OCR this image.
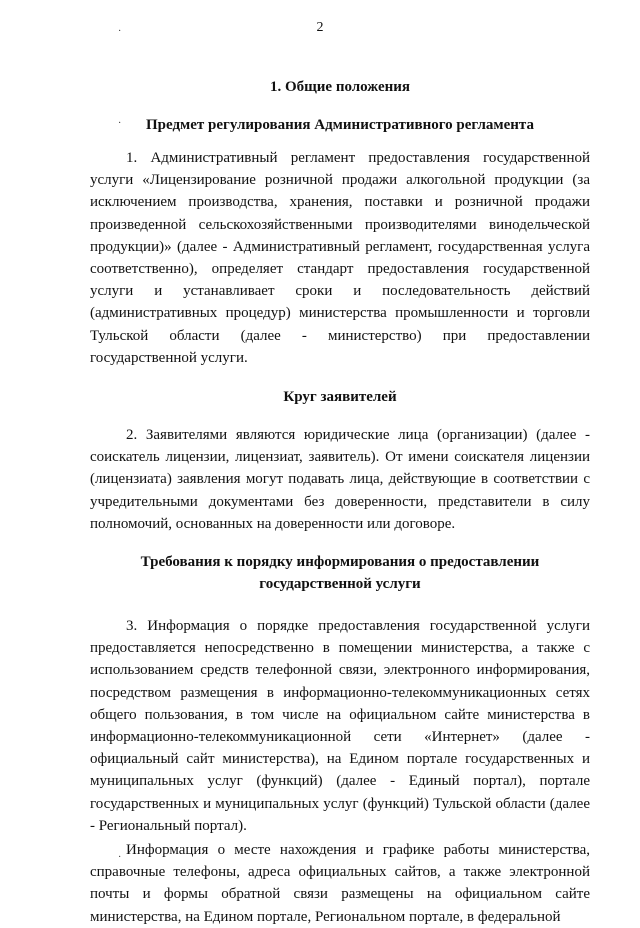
2
·
·
·
1. Общие положения
Предмет регулирования Административного регламента

1. Административный регламент предоставления государственной услуги «Лицензирование розничной продажи алкогольной продукции (за исключением производства, хранения, поставки и розничной продажи произведенной сельскохозяйственными производителями винодельческой продукции)» (далее - Административный регламент, государственная услуга соответственно), определяет стандарт предоставления государственной услуги и устанавливает сроки и последовательность действий (административных процедур) министерства промышленности и торговли Тульской области (далее - министерство) при предоставлении государственной услуги.

Круг заявителей

2. Заявителями являются юридические лица (организации) (далее - соискатель лицензии, лицензиат, заявитель). От имени соискателя лицензии (лицензиата) заявления могут подавать лица, действующие в соответствии с учредительными документами без доверенности, представители в силу полномочий, основанных на доверенности или договоре.

Требования к порядку информирования о предоставлении государственной услуги

3. Информация о порядке предоставления государственной услуги предоставляется непосредственно в помещении министерства, а также с использованием средств телефонной связи, электронного информирования, посредством размещения в информационно-телекоммуникационных сетях общего пользования, в том числе на официальном сайте министерства в информационно-телекоммуникационной сети «Интернет» (далее - официальный сайт министерства), на Едином портале государственных и муниципальных услуг (функций) (далее - Единый портал), портале государственных и муниципальных услуг (функций) Тульской области (далее - Региональный портал).

Информация о месте нахождения и графике работы министерства, справочные телефоны, адреса официальных сайтов, а также электронной почты и формы обратной связи размещены на официальном сайте министерства, на Едином портале, Региональном портале, в федеральной
